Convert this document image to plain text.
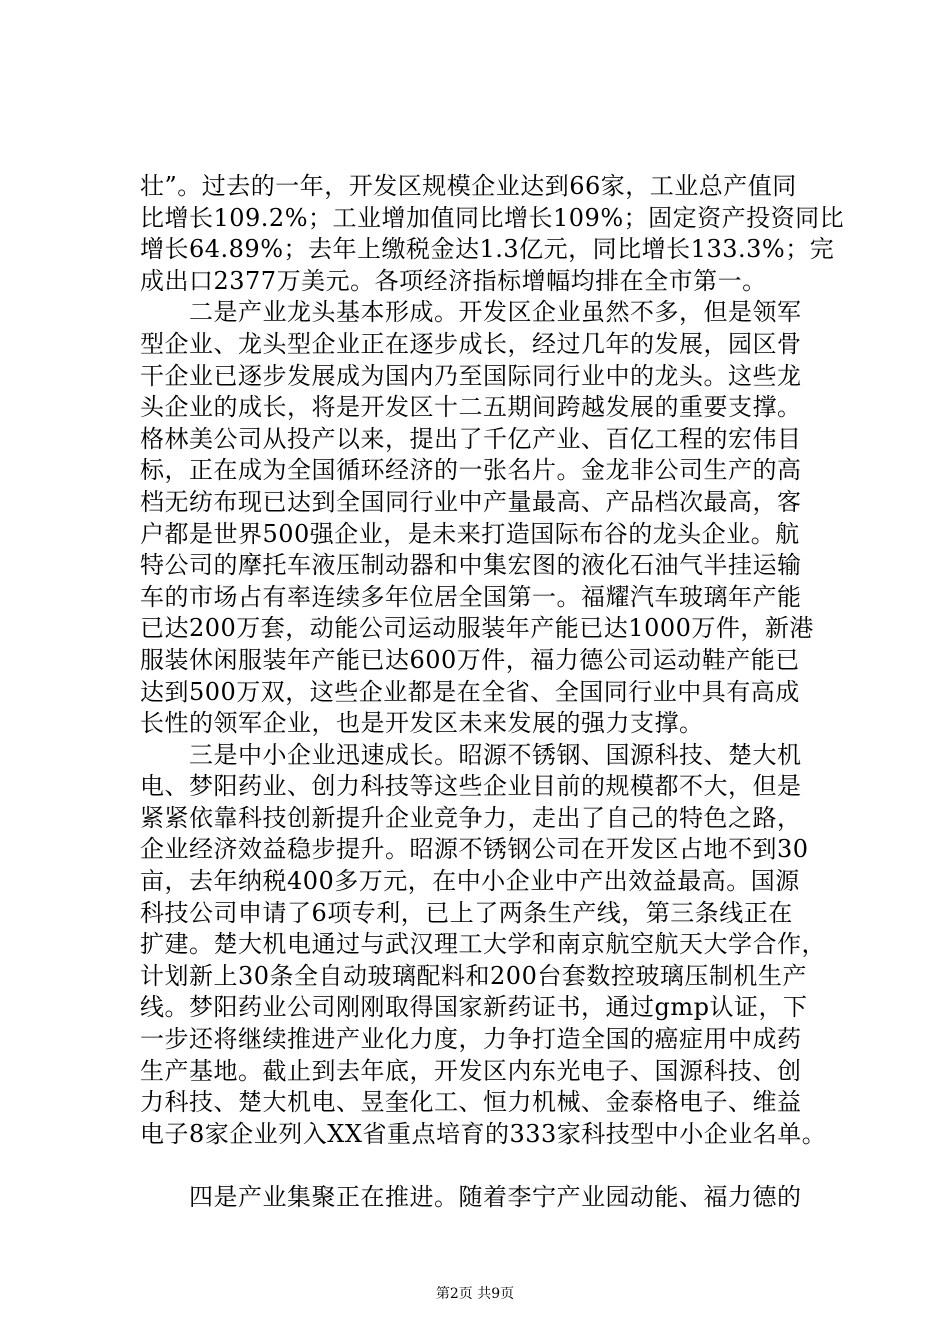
壮”。过去的一年，开发区规模企业达到66家，工业总产值同
比增长109.2%；工业增加值同比增长109%；固定资产投资同比
增长64.89%；去年上缴税金达1.3亿元，同比增长133.3%；完
成出口2377万美元。各项经济指标增幅均排在全市第一。
　　二是产业龙头基本形成。开发区企业虽然不多，但是领军
型企业、龙头型企业正在逐步成长，经过几年的发展，园区骨
干企业已逐步发展成为国内乃至国际同行业中的龙头。这些龙
头企业的成长，将是开发区十二五期间跨越发展的重要支撑。
格林美公司从投产以来，提出了千亿产业、百亿工程的宏伟目
标，正在成为全国循环经济的一张名片。金龙非公司生产的高
档无纺布现已达到全国同行业中产量最高、产品档次最高，客
户都是世界500强企业，是未来打造国际布谷的龙头企业。航
特公司的摩托车液压制动器和中集宏图的液化石油气半挂运输
车的市场占有率连续多年位居全国第一。福耀汽车玻璃年产能
已达200万套，动能公司运动服装年产能已达1000万件，新港
服装休闲服装年产能已达600万件，福力德公司运动鞋产能已
达到500万双，这些企业都是在全省、全国同行业中具有高成
长性的领军企业，也是开发区未来发展的强力支撑。
　　三是中小企业迅速成长。昭源不锈钢、国源科技、楚大机
电、梦阳药业、创力科技等这些企业目前的规模都不大，但是
紧紧依靠科技创新提升企业竞争力，走出了自己的特色之路，
企业经济效益稳步提升。昭源不锈钢公司在开发区占地不到30
亩，去年纳税400多万元，在中小企业中产出效益最高。国源
科技公司申请了6项专利，已上了两条生产线，第三条线正在
扩建。楚大机电通过与武汉理工大学和南京航空航天大学合作，
计划新上30条全自动玻璃配料和200台套数控玻璃压制机生产
线。梦阳药业公司刚刚取得国家新药证书，通过gmp认证，下
一步还将继续推进产业化力度，力争打造全国的癌症用中成药
生产基地。截止到去年底，开发区内东光电子、国源科技、创
力科技、楚大机电、昱奎化工、恒力机械、金泰格电子、维益
电子8家企业列入XX省重点培育的333家科技型中小企业名单。
　　四是产业集聚正在推进。随着李宁产业园动能、福力德的
第2页 共9页
